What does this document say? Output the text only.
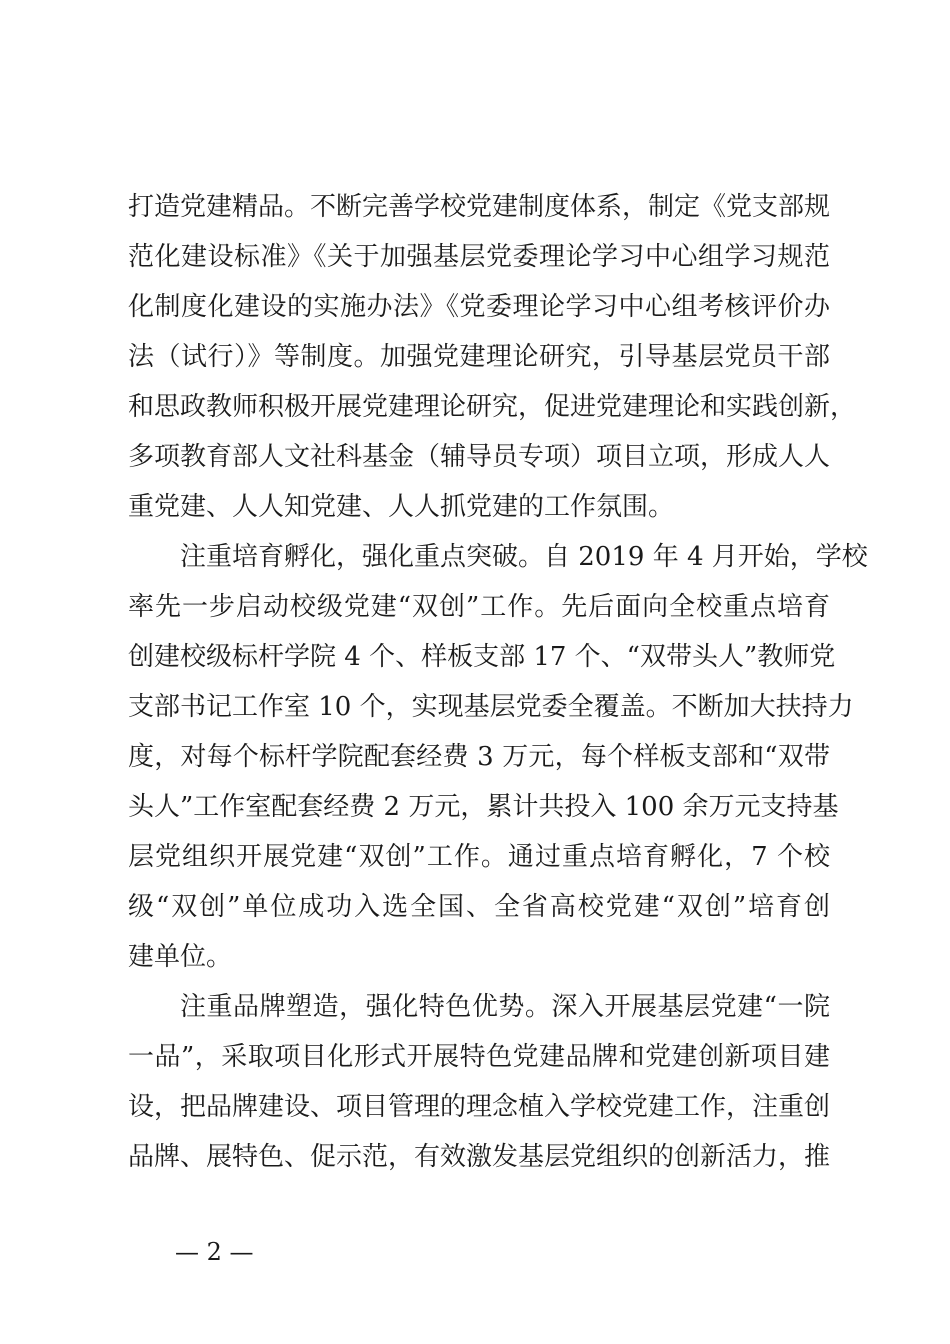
打造党建精品。不断完善学校党建制度体系，制定《党支部规
范化建设标准》《关于加强基层党委理论学习中心组学习规范
化制度化建设的实施办法》《党委理论学习中心组考核评价办
法（试行）》等制度。加强党建理论研究，引导基层党员干部
和思政教师积极开展党建理论研究，促进党建理论和实践创新，
多项教育部人文社科基金（辅导员专项）项目立项，形成人人
重党建、人人知党建、人人抓党建的工作氛围。
注重培育孵化，强化重点突破。自 2019 年 4 月开始，学校
率先一步启动校级党建“双创”工作。先后面向全校重点培育
创建校级标杆学院 4 个、样板支部 17 个、“双带头人”教师党
支部书记工作室 10 个，实现基层党委全覆盖。不断加大扶持力
度，对每个标杆学院配套经费 3 万元，每个样板支部和“双带
头人”工作室配套经费 2 万元，累计共投入 100 余万元支持基
层党组织开展党建“双创”工作。通过重点培育孵化，7 个校
级“双创”单位成功入选全国、全省高校党建“双创”培育创
建单位。
注重品牌塑造，强化特色优势。深入开展基层党建“一院
一品”，采取项目化形式开展特色党建品牌和党建创新项目建
设，把品牌建设、项目管理的理念植入学校党建工作，注重创
品牌、展特色、促示范，有效激发基层党组织的创新活力，推
— 2 —
